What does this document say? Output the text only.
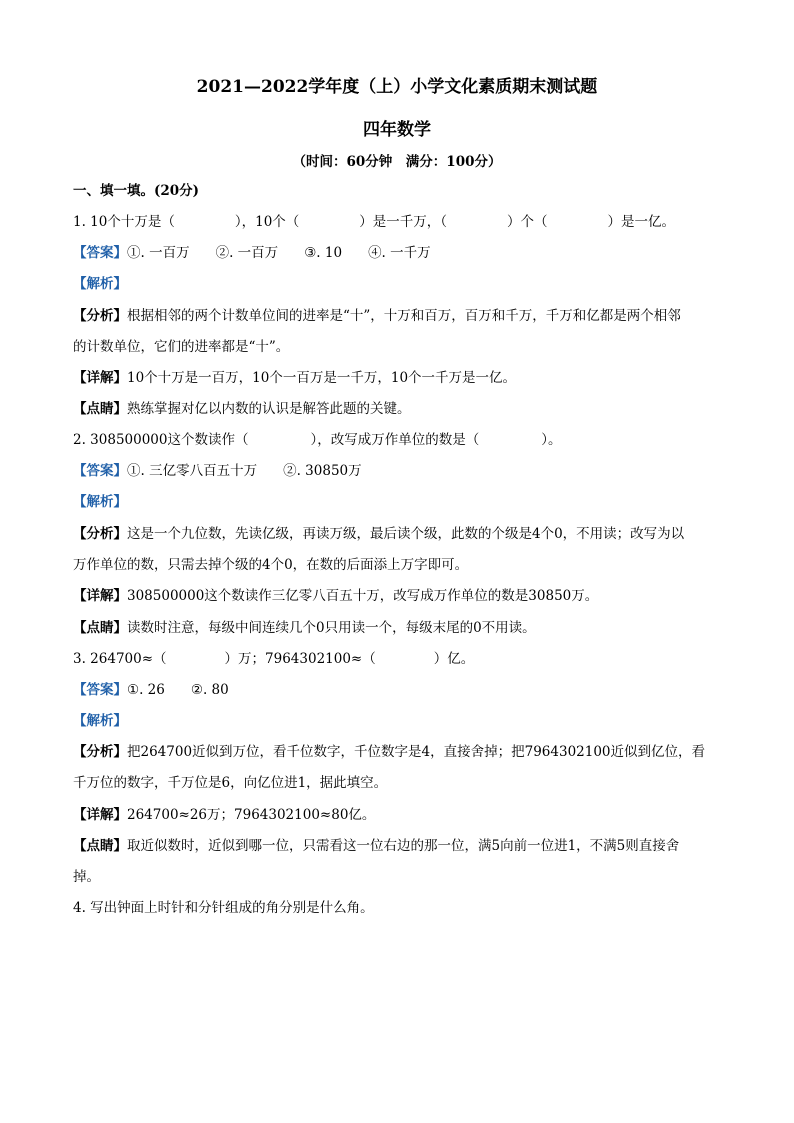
2021—2022学年度（上）小学文化素质期末测试题
四年数学
（时间：60分钟　满分：100分）
一、填一填。(20分)
1. 10个十万是（	），10个（	）是一千万，（	）个（	）是一亿。
【答案】①. 一百万 ②. 一百万 ③. 10 ④. 一千万
【解析】
【分析】根据相邻的两个计数单位间的进率是“十”，十万和百万，百万和千万，千万和亿都是两个相邻
的计数单位，它们的进率都是“十”。
【详解】10个十万是一百万，10个一百万是一千万，10个一千万是一亿。
【点睛】熟练掌握对亿以内数的认识是解答此题的关键。
2. 308500000这个数读作（	），改写成万作单位的数是（	）。
【答案】①. 三亿零八百五十万 ②. 30850万
【解析】
【分析】这是一个九位数，先读亿级，再读万级，最后读个级，此数的个级是4个0，不用读；改写为以
万作单位的数，只需去掉个级的4个0，在数的后面添上万字即可。
【详解】308500000这个数读作三亿零八百五十万，改写成万作单位的数是30850万。
【点睛】读数时注意，每级中间连续几个0只用读一个，每级末尾的0不用读。
3. 264700≈（	）万；7964302100≈（	）亿。
【答案】①. 26 ②. 80
【解析】
【分析】把264700近似到万位，看千位数字，千位数字是4，直接舍掉；把7964302100近似到亿位，看
千万位的数字，千万位是6，向亿位进1，据此填空。
【详解】264700≈26万；7964302100≈80亿。
【点睛】取近似数时，近似到哪一位，只需看这一位右边的那一位，满5向前一位进1，不满5则直接舍
掉。
4. 写出钟面上时针和分针组成的角分别是什么角。
